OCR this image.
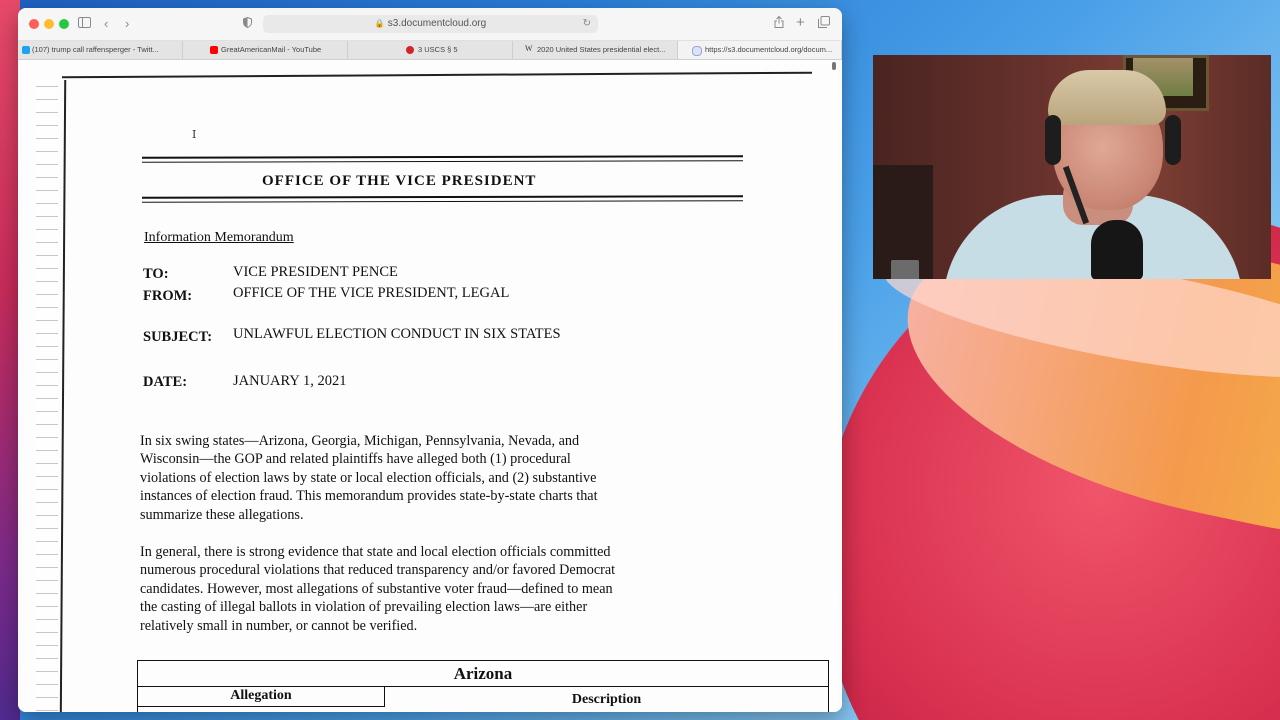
‹ ›	🔒 s3.documentcloud.org	↻	+
(107) trump call raffensperger - Twitt...	GreatAmericanMail - YouTube	3 USCS § 5	W 2020 United States presidential elect...	https://s3.documentcloud.org/docum...
I
OFFICE OF THE VICE PRESIDENT
Information Memorandum
TO:	VICE PRESIDENT PENCE
FROM:	OFFICE OF THE VICE PRESIDENT, LEGAL
SUBJECT: UNLAWFUL ELECTION CONDUCT IN SIX STATES
DATE:	JANUARY 1, 2021
In six swing states—Arizona, Georgia, Michigan, Pennsylvania, Nevada, and
Wisconsin—the GOP and related plaintiffs have alleged both (1) procedural
violations of election laws by state or local election officials, and (2) substantive
instances of election fraud. This memorandum provides state-by-state charts that
summarize these allegations.
In general, there is strong evidence that state and local election officials committed
numerous procedural violations that reduced transparency and/or favored Democrat
candidates. However, most allegations of substantive voter fraud—defined to mean
the casting of illegal ballots in violation of prevailing election laws—are either
relatively small in number, or cannot be verified.
Arizona
Allegation	Description
